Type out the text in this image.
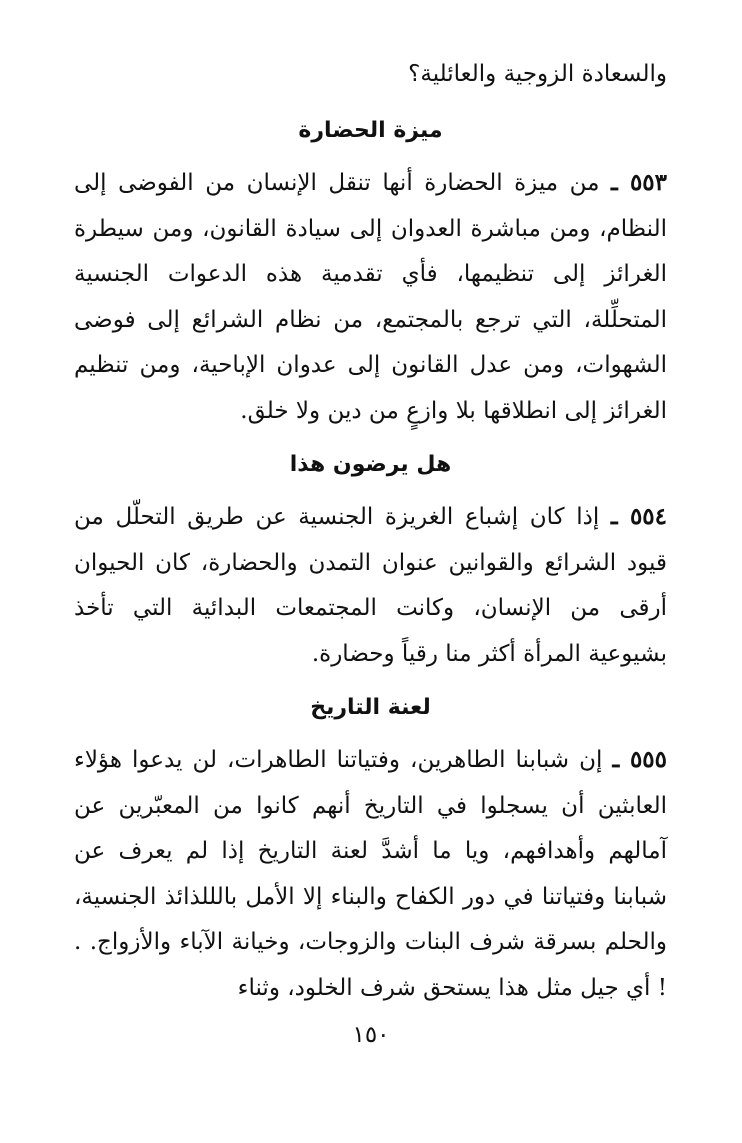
والسعادة الزوجية والعائلية؟

ميزة الحضارة

٥٥٣ ـ من ميزة الحضارة أنها تنقل الإنسان من الفوضى إلى النظام، ومن مباشرة العدوان إلى سيادة القانون، ومن سيطرة الغرائز إلى تنظيمها، فأي تقدمية هذه الدعوات الجنسية المتحلِّلة، التي ترجع بالمجتمع، من نظام الشرائع إلى فوضى الشهوات، ومن عدل القانون إلى عدوان الإباحية، ومن تنظيم الغرائز إلى انطلاقها بلا وازعٍ من دين ولا خلق.

هل يرضون هذا

٥٥٤ ـ إذا كان إشباع الغريزة الجنسية عن طريق التحلّل من قيود الشرائع والقوانين عنوان التمدن والحضارة، كان الحيوان أرقى من الإنسان، وكانت المجتمعات البدائية التي تأخذ بشيوعية المرأة أكثر منا رقياً وحضارة.

لعنة التاريخ

٥٥٥ ـ إن شبابنا الطاهرين، وفتياتنا الطاهرات، لن يدعوا هؤلاء العابثين أن يسجلوا في التاريخ أنهم كانوا من المعبّرين عن آمالهم وأهدافهم، ويا ما أشدَّ لعنة التاريخ إذا لم يعرف عن شبابنا وفتياتنا في دور الكفاح والبناء إلا الأمل بالللذائذ الجنسية، والحلم بسرقة شرف البنات والزوجات، وخيانة الآباء والأزواج. . ! أي جيل مثل هذا يستحق شرف الخلود، وثناء

١٥٠
